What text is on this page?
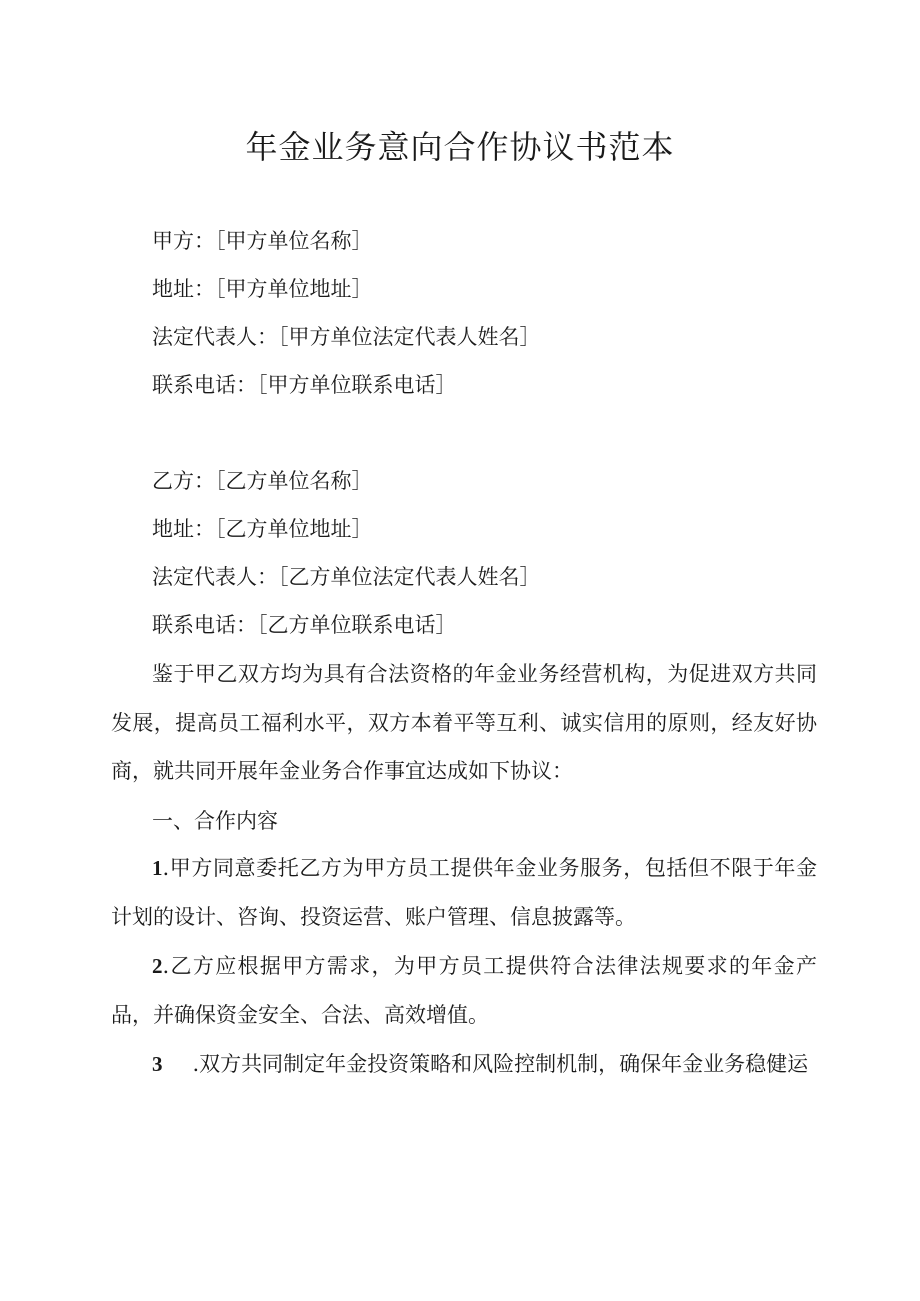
年金业务意向合作协议书范本
甲方：［甲方单位名称］
地址：［甲方单位地址］
法定代表人：［甲方单位法定代表人姓名］
联系电话：［甲方单位联系电话］
乙方：［乙方单位名称］
地址：［乙方单位地址］
法定代表人：［乙方单位法定代表人姓名］
联系电话：［乙方单位联系电话］

鉴于甲乙双方均为具有合法资格的年金业务经营机构，为促进双方共同发展，提高员工福利水平，双方本着平等互利、诚实信用的原则，经友好协商，就共同开展年金业务合作事宜达成如下协议：

一、合作内容

1.甲方同意委托乙方为甲方员工提供年金业务服务，包括但不限于年金计划的设计、咨询、投资运营、账户管理、信息披露等。

2.乙方应根据甲方需求，为甲方员工提供符合法律法规要求的年金产品，并确保资金安全、合法、高效增值。

3 .双方共同制定年金投资策略和风险控制机制，确保年金业务稳健运
